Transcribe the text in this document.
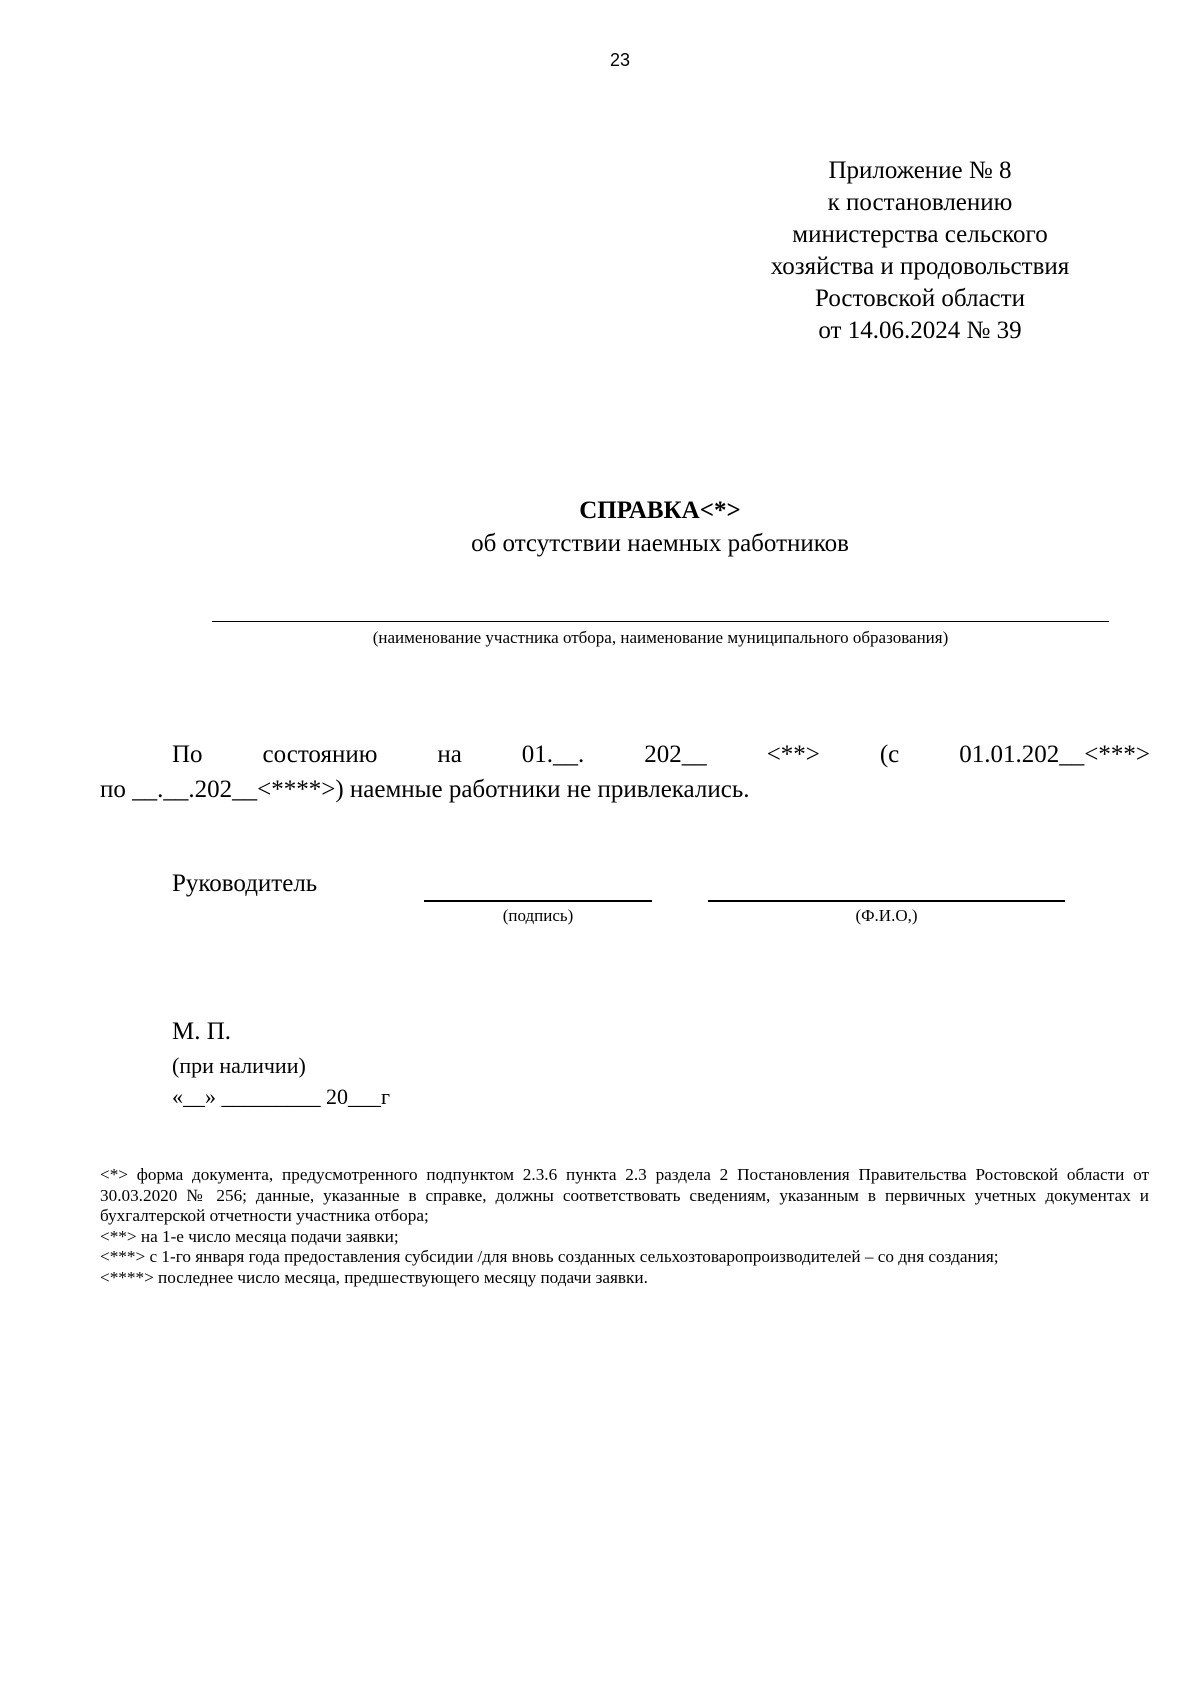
23
Приложение № 8
к постановлению
министерства сельского
хозяйства и продовольствия
Ростовской области
от 14.06.2024 № 39
СПРАВКА<*>
об отсутствии наемных работников
(наименование участника отбора, наименование муниципального образования)
По состоянию на 01.__. 202__ <**> (с 01.01.202__<***>
по __.__.202__<****>) наемные работники не привлекались.
Руководитель
(подпись)	(Ф.И.О,)
М. П.
(при наличии)
«__» _________ 20___г

<*> форма документа, предусмотренного подпунктом 2.3.6 пункта 2.3 раздела 2 Постановления Правительства Ростовской области от 30.03.2020 № 256; данные, указанные в справке, должны соответствовать сведениям, указанным в первичных учетных документах и бухгалтерской отчетности участника отбора;

<**> на 1-е число месяца подачи заявки;

<***> с 1-го января года предоставления субсидии /для вновь созданных сельхозтоваропроизводителей – со дня создания;

<****> последнее число месяца, предшествующего месяцу подачи заявки.
